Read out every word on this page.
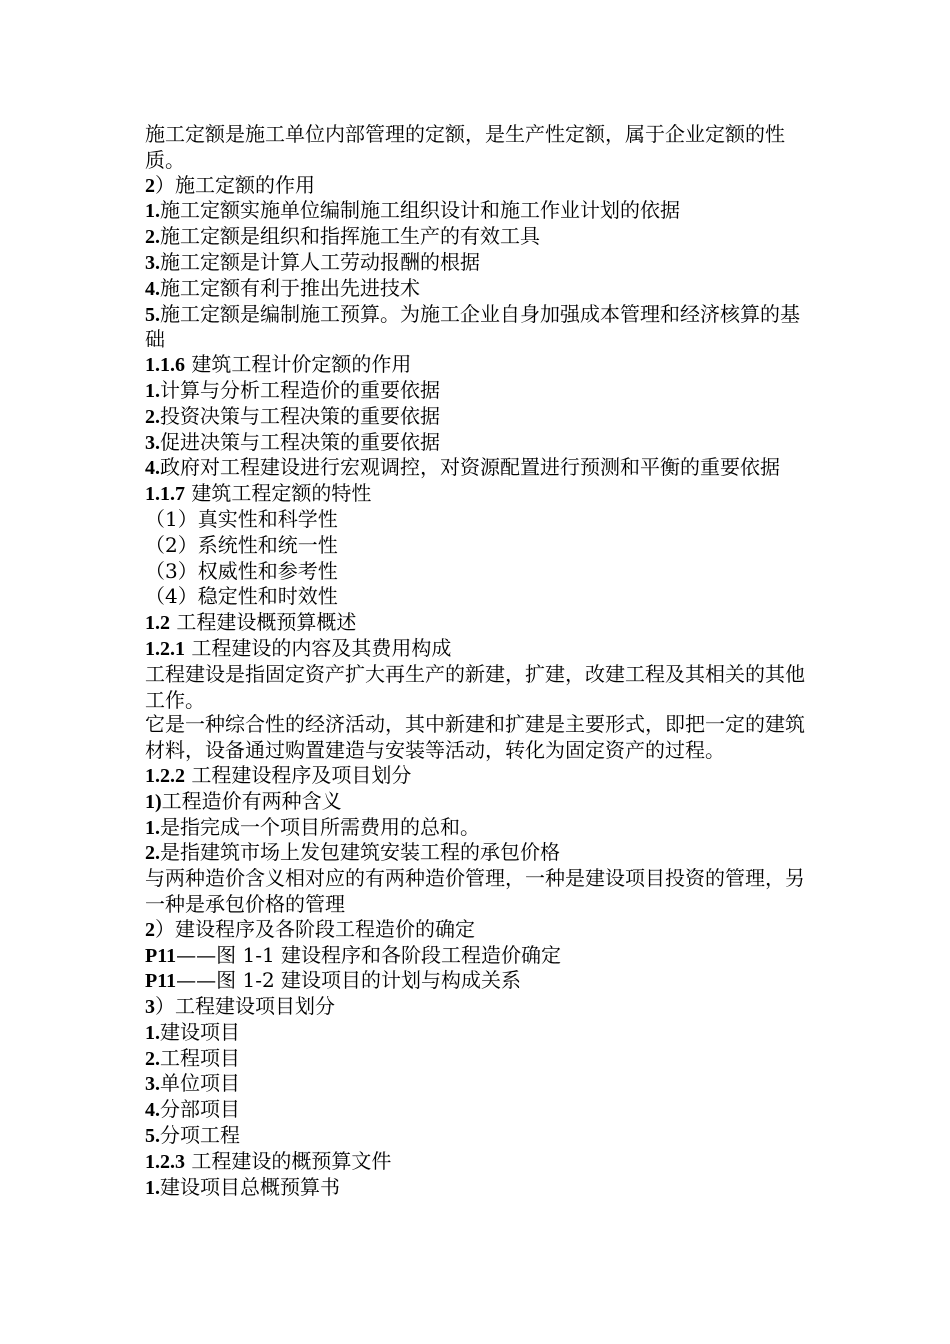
施工定额是施工单位内部管理的定额，是生产性定额，属于企业定额的性质。

2）施工定额的作用

1.施工定额实施单位编制施工组织设计和施工作业计划的依据

2.施工定额是组织和指挥施工生产的有效工具

3.施工定额是计算人工劳动报酬的根据

4.施工定额有利于推出先进技术

5.施工定额是编制施工预算。为施工企业自身加强成本管理和经济核算的基础

1.1.6 建筑工程计价定额的作用

1.计算与分析工程造价的重要依据

2.投资决策与工程决策的重要依据

3.促进决策与工程决策的重要依据

4.政府对工程建设进行宏观调控，对资源配置进行预测和平衡的重要依据

1.1.7 建筑工程定额的特性

（1）真实性和科学性

（2）系统性和统一性

（3）权威性和参考性

（4）稳定性和时效性

1.2 工程建设概预算概述

1.2.1 工程建设的内容及其费用构成

工程建设是指固定资产扩大再生产的新建，扩建，改建工程及其相关的其他工作。

它是一种综合性的经济活动，其中新建和扩建是主要形式，即把一定的建筑材料，设备通过购置建造与安装等活动，转化为固定资产的过程。

1.2.2 工程建设程序及项目划分

1)工程造价有两种含义

1.是指完成一个项目所需费用的总和。

2.是指建筑市场上发包建筑安装工程的承包价格

与两种造价含义相对应的有两种造价管理，一种是建设项目投资的管理，另一种是承包价格的管理

2）建设程序及各阶段工程造价的确定

P11——图 1-1 建设程序和各阶段工程造价确定

P11——图 1-2 建设项目的计划与构成关系

3）工程建设项目划分

1.建设项目

2.工程项目

3.单位项目

4.分部项目

5.分项工程

1.2.3 工程建设的概预算文件

1.建设项目总概预算书
